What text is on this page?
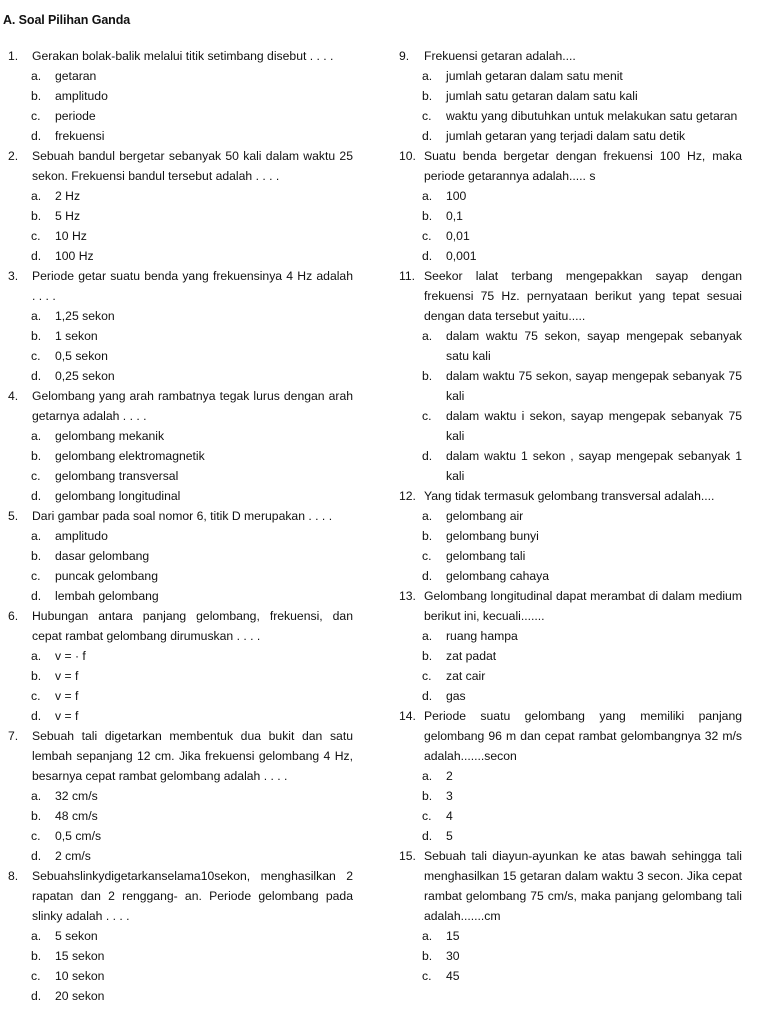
A. Soal Pilihan Ganda
1.	Gerakan bolak-balik melalui titik setimbang disebut . . . .
a.	getaran
b.	amplitudo
c.	periode
d.	frekuensi
2.	Sebuah bandul bergetar sebanyak 50 kali dalam waktu 25 sekon. Frekuensi bandul tersebut adalah . . . .
a.	2 Hz
b.	5 Hz
c.	10 Hz
d.	100 Hz
3.	Periode getar suatu benda yang frekuensinya 4 Hz adalah . . . .
a.	1,25 sekon
b.	1 sekon
c.	0,5 sekon
d.	0,25 sekon
4.	Gelombang yang arah rambatnya tegak lurus dengan arah getarnya adalah . . . .
a.	gelombang mekanik
b.	gelombang elektromagnetik
c.	gelombang transversal
d.	gelombang longitudinal
5.	Dari gambar pada soal nomor 6, titik D merupakan . . . .
a.	amplitudo
b.	dasar gelombang
c.	puncak gelombang
d.	lembah gelombang
6.	Hubungan antara panjang gelombang, frekuensi, dan cepat rambat gelombang dirumuskan . . . .
a.	v = · f
b.	v = f
c.	v = f
d.	v = f
7.	Sebuah tali digetarkan membentuk dua bukit dan satu lembah sepanjang 12 cm. Jika frekuensi gelombang 4 Hz, besarnya cepat rambat gelombang adalah . . . .
a.	32 cm/s
b.	48 cm/s
c.	0,5 cm/s
d.	2 cm/s
8.	Sebuahslinkydigetarkanselama10sekon, menghasilkan 2 rapatan dan 2 renggang- an. Periode gelombang pada slinky adalah . . . .
a.	5 sekon
b.	15 sekon
c.	10 sekon
d.	20 sekon
9.	Frekuensi getaran adalah....
a.	jumlah getaran dalam satu menit
b.	jumlah satu getaran dalam satu kali
c.	waktu yang dibutuhkan untuk melakukan satu getaran
d.	jumlah getaran yang terjadi dalam satu detik
10. Suatu benda bergetar dengan frekuensi 100 Hz, maka periode getarannya adalah..... s
a.	100
b.	0,1
c.	0,01
d.	0,001
11. Seekor lalat terbang mengepakkan sayap dengan frekuensi 75 Hz. pernyataan berikut yang tepat sesuai dengan data tersebut yaitu.....
a.	dalam waktu 75 sekon, sayap mengepak sebanyak satu kali
b.	dalam waktu 75 sekon, sayap mengepak sebanyak 75 kali
c.	dalam waktu i sekon, sayap mengepak sebanyak 75 kali
d.	dalam waktu 1 sekon , sayap mengepak sebanyak 1 kali
12. Yang tidak termasuk gelombang transversal adalah....
a.	gelombang air
b.	gelombang bunyi
c.	gelombang tali
d.	gelombang cahaya
13. Gelombang longitudinal dapat merambat di dalam medium berikut ini, kecuali.......
a.	ruang hampa
b.	zat padat
c.	zat cair
d.	gas
14. Periode suatu gelombang yang memiliki panjang gelombang 96 m dan cepat rambat gelombangnya 32 m/s adalah.......secon
a.	2
b.	3
c.	4
d.	5
15. Sebuah tali diayun-ayunkan ke atas bawah sehingga tali menghasilkan 15 getaran dalam waktu 3 secon. Jika cepat rambat gelombang 75 cm/s, maka panjang gelombang tali adalah.......cm
a.	15
b.	30
c.	45
